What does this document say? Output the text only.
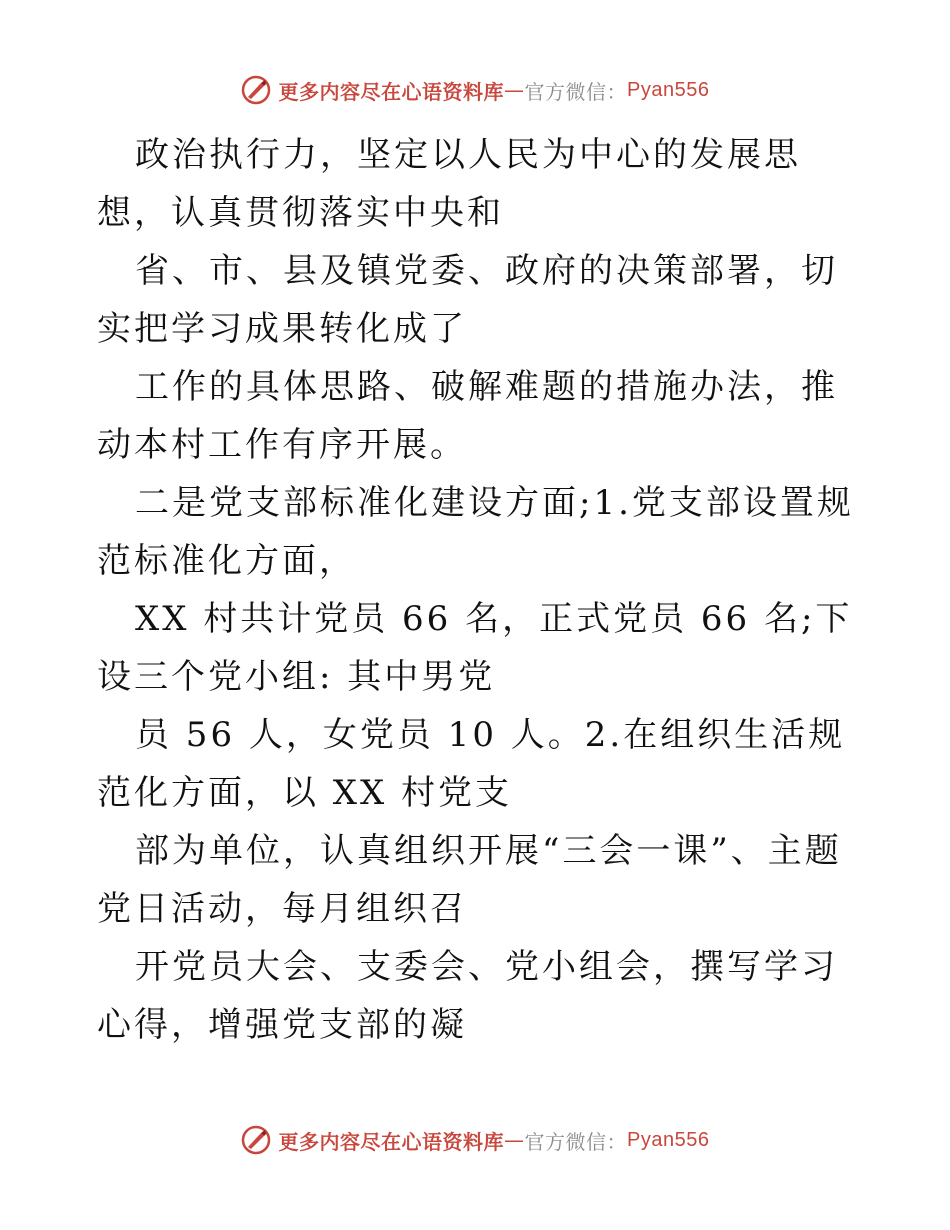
更多内容尽在心语资料库 — 官方微信： Pyan556

政治执行力，坚定以人民为中心的发展思想，认真贯彻落实中央和

省、市、县及镇党委、政府的决策部署，切实把学习成果转化成了

工作的具体思路、破解难题的措施办法，推动本村工作有序开展。

二是党支部标准化建设方面;1.党支部设置规范标准化方面，

XX 村共计党员 66 名，正式党员 66 名;下设三个党小组: 其中男党

员 56 人，女党员 10 人。2.在组织生活规范化方面，以 XX 村党支

部为单位，认真组织开展“三会一课”、主题党日活动，每月组织召

开党员大会、支委会、党小组会，撰写学习心得，增强党支部的凝

更多内容尽在心语资料库 — 官方微信： Pyan556
